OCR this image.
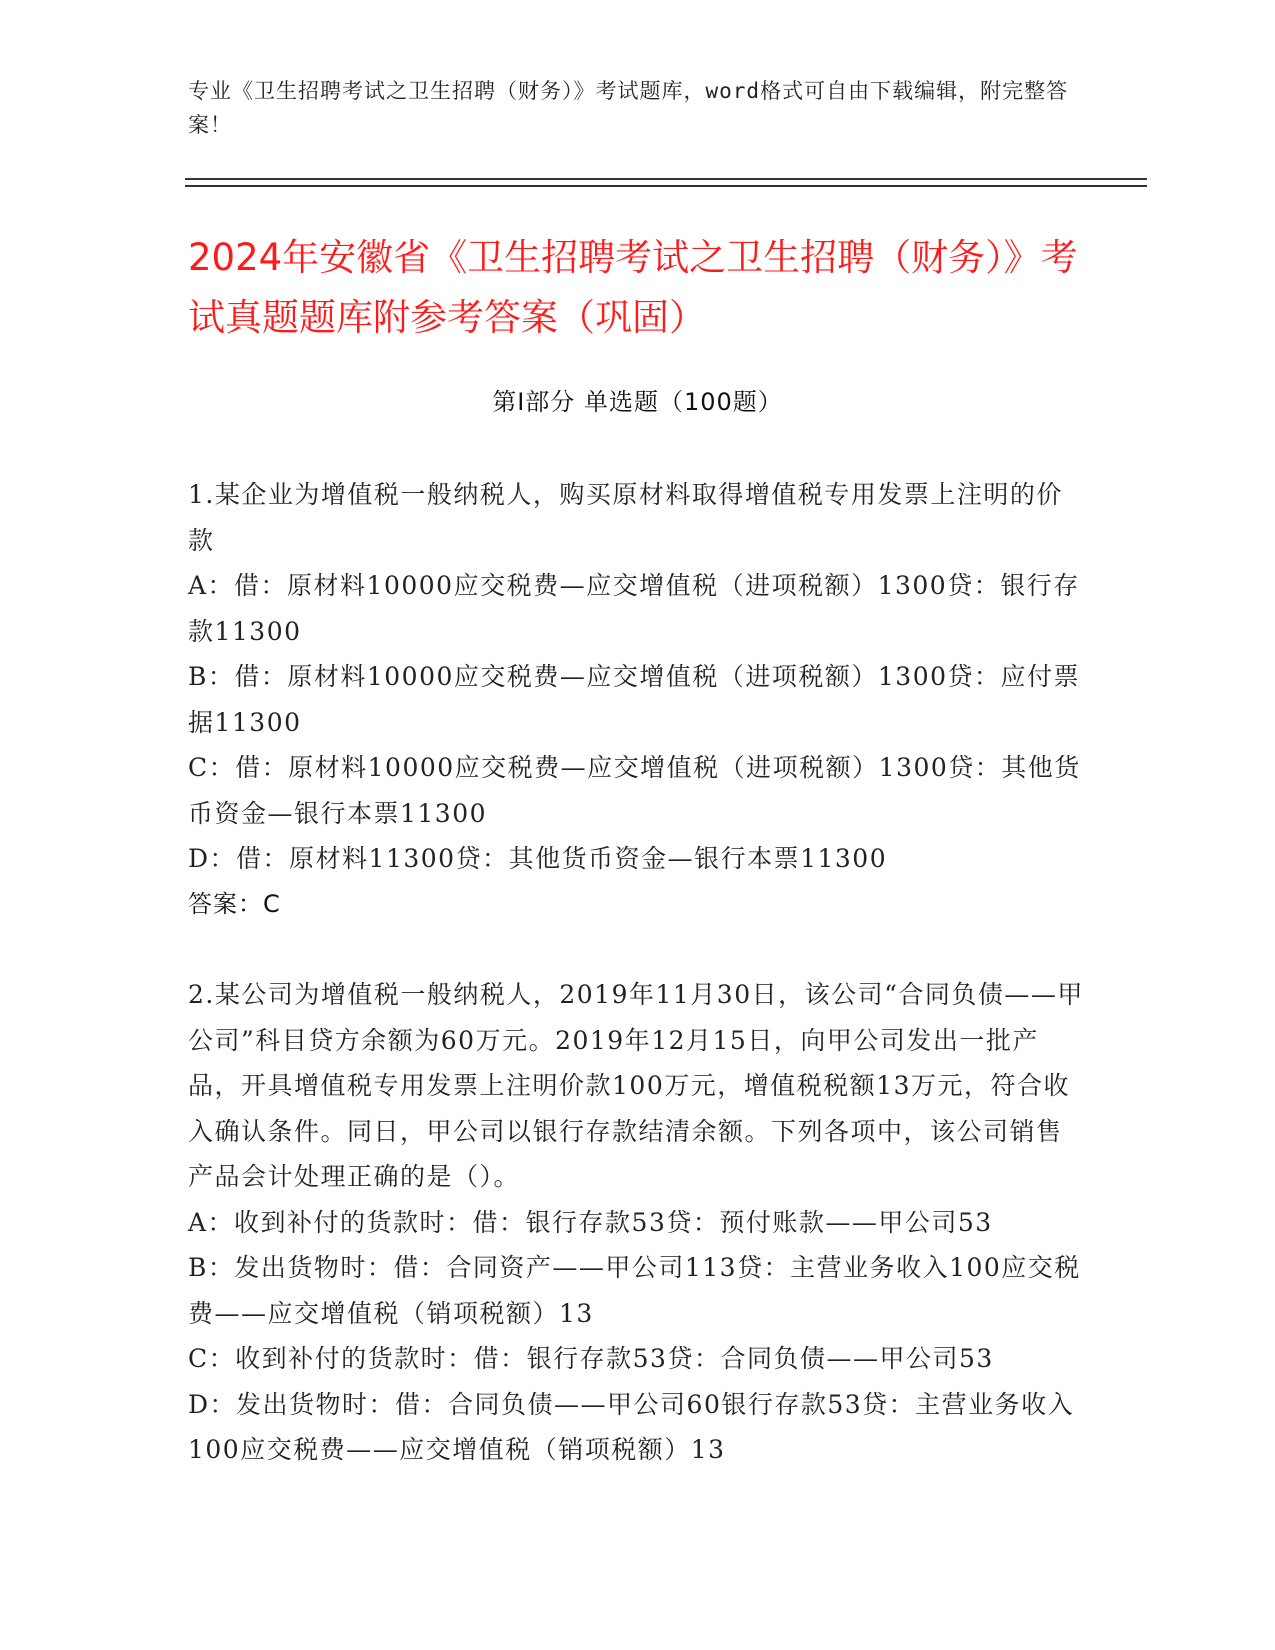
专业《卫生招聘考试之卫生招聘（财务）》考试题库，word格式可自由下载编辑，附完整答案！
2024年安徽省《卫生招聘考试之卫生招聘（财务）》考试真题题库附参考答案（巩固）
第I部分 单选题（100题）

1.某企业为增值税一般纳税人，购买原材料取得增值税专用发票上注明的价款

A：借：原材料10000应交税费—应交增值税（进项税额）1300贷：银行存款11300

B：借：原材料10000应交税费—应交增值税（进项税额）1300贷：应付票据11300

C：借：原材料10000应交税费—应交增值税（进项税额）1300贷：其他货币资金—银行本票11300

D：借：原材料11300贷：其他货币资金—银行本票11300

答案：C

2.某公司为增值税一般纳税人，2019年11月30日，该公司“合同负债——甲公司”科目贷方余额为60万元。2019年12月15日，向甲公司发出一批产品，开具增值税专用发票上注明价款100万元，增值税税额13万元，符合收入确认条件。同日，甲公司以银行存款结清余额。下列各项中，该公司销售产品会计处理正确的是（）。

A：收到补付的货款时：借：银行存款53贷：预付账款——甲公司53

B：发出货物时：借：合同资产——甲公司113贷：主营业务收入100应交税费——应交增值税（销项税额）13

C：收到补付的货款时：借：银行存款53贷：合同负债——甲公司53

D：发出货物时：借：合同负债——甲公司60银行存款53贷：主营业务收入100应交税费——应交增值税（销项税额）13
